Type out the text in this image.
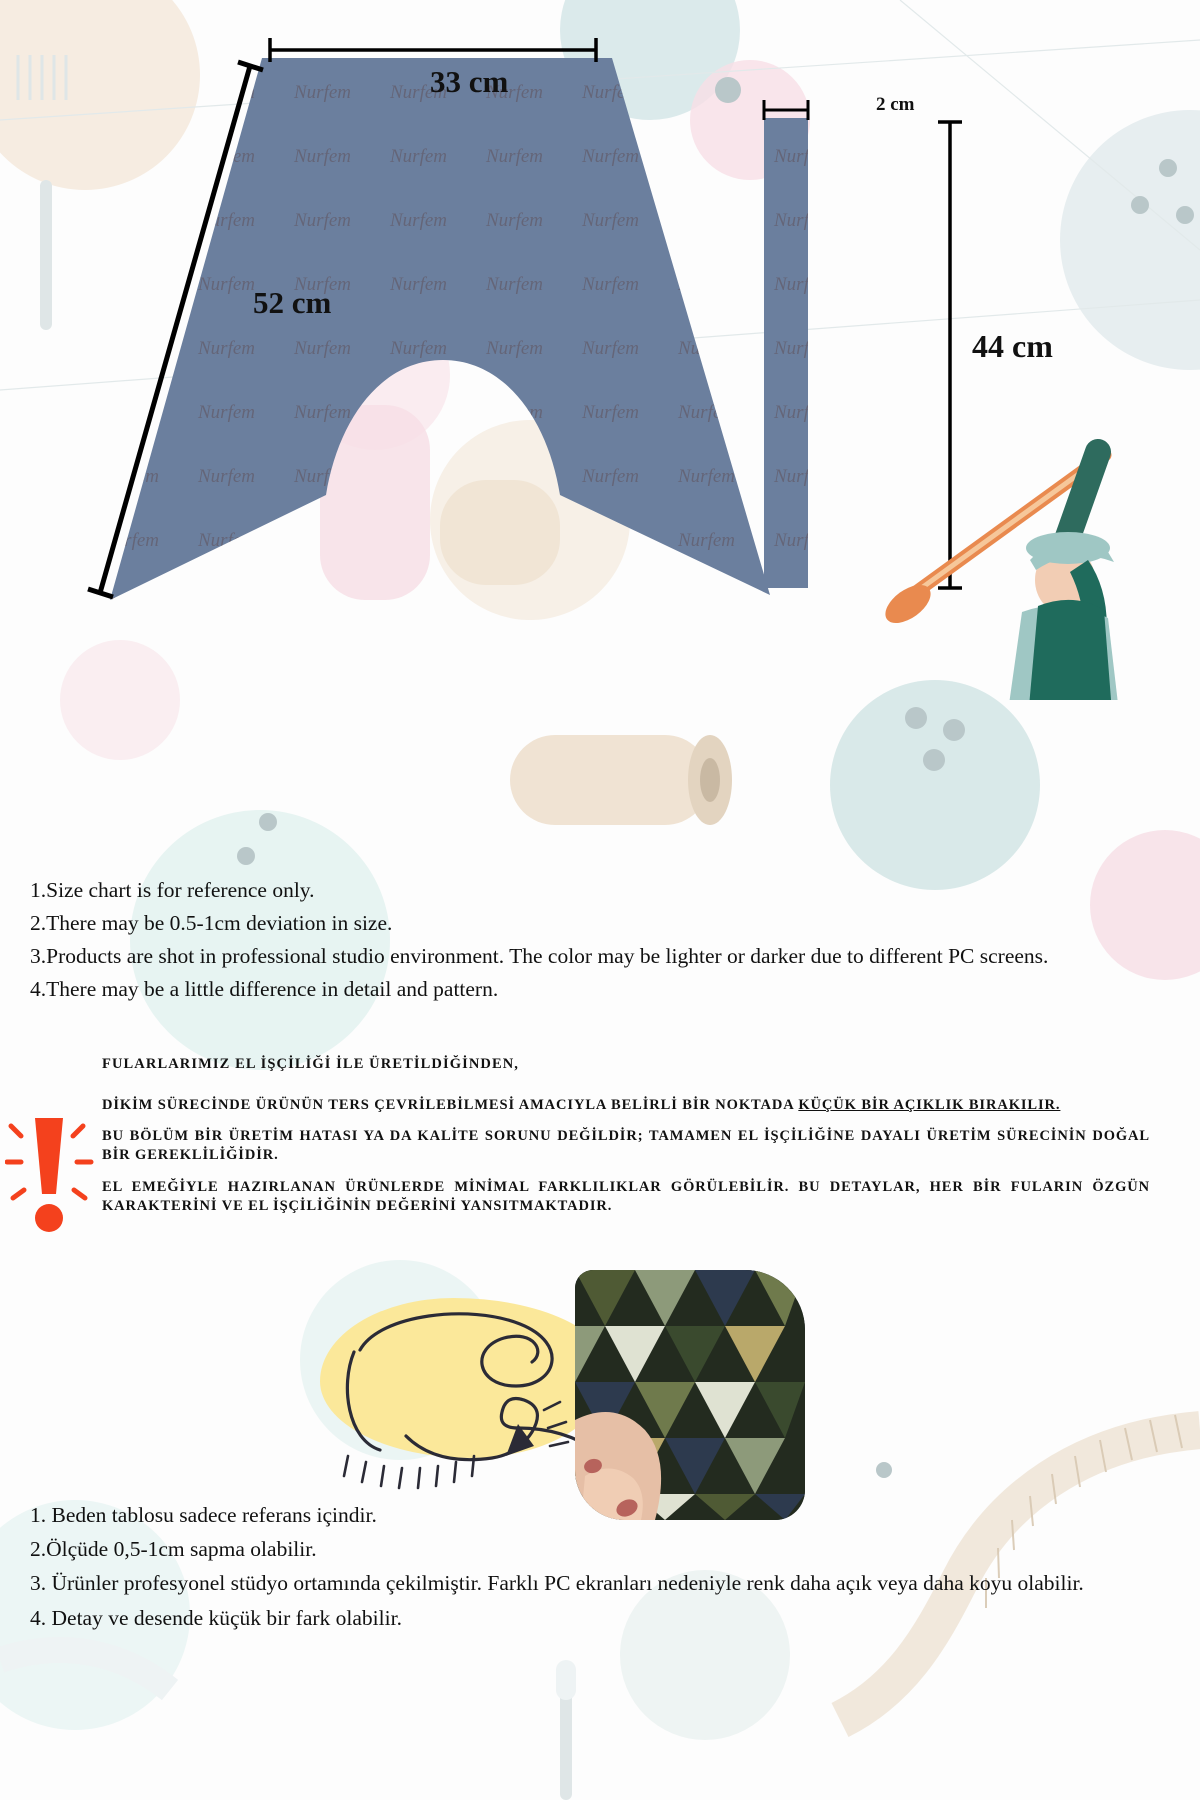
33 cm
52 cm
2 cm
44 cm

1.Size chart is for reference only.

2.There may be 0.5-1cm deviation in size.

3.Products are shot in professional studio environment. The color may be lighter or darker due to different PC screens.

4.There may be a little difference in detail and pattern.

FULARLARIMIZ EL İŞÇİLİĞİ İLE ÜRETİLDİĞİNDEN,

DİKİM SÜRECİNDE ÜRÜNÜN TERS ÇEVRİLEBİLMESİ AMACIYLA BELİRLİ BİR NOKTADA KÜÇÜK BİR AÇIKLIK BIRAKILIR.

BU BÖLÜM BİR ÜRETİM HATASI YA DA KALİTE SORUNU DEĞİLDİR; TAMAMEN EL İŞÇİLİĞİNE DAYALI ÜRETİM SÜRECİNİN DOĞAL BİR GEREKLİLİĞİDİR.

EL EMEĞİYLE HAZIRLANAN ÜRÜNLERDE MİNİMAL FARKLILIKLAR GÖRÜLEBİLİR. BU DETAYLAR, HER BİR FULARIN ÖZGÜN KARAKTERİNİ VE EL İŞÇİLİĞİNİN DEĞERİNİ YANSITMAKTADIR.

1. Beden tablosu sadece referans içindir.

2.Ölçüde 0,5-1cm sapma olabilir.

3. Ürünler profesyonel stüdyo ortamında çekilmiştir. Farklı PC ekranları nedeniyle renk daha açık veya daha koyu olabilir.

4. Detay ve desende küçük bir fark olabilir.
